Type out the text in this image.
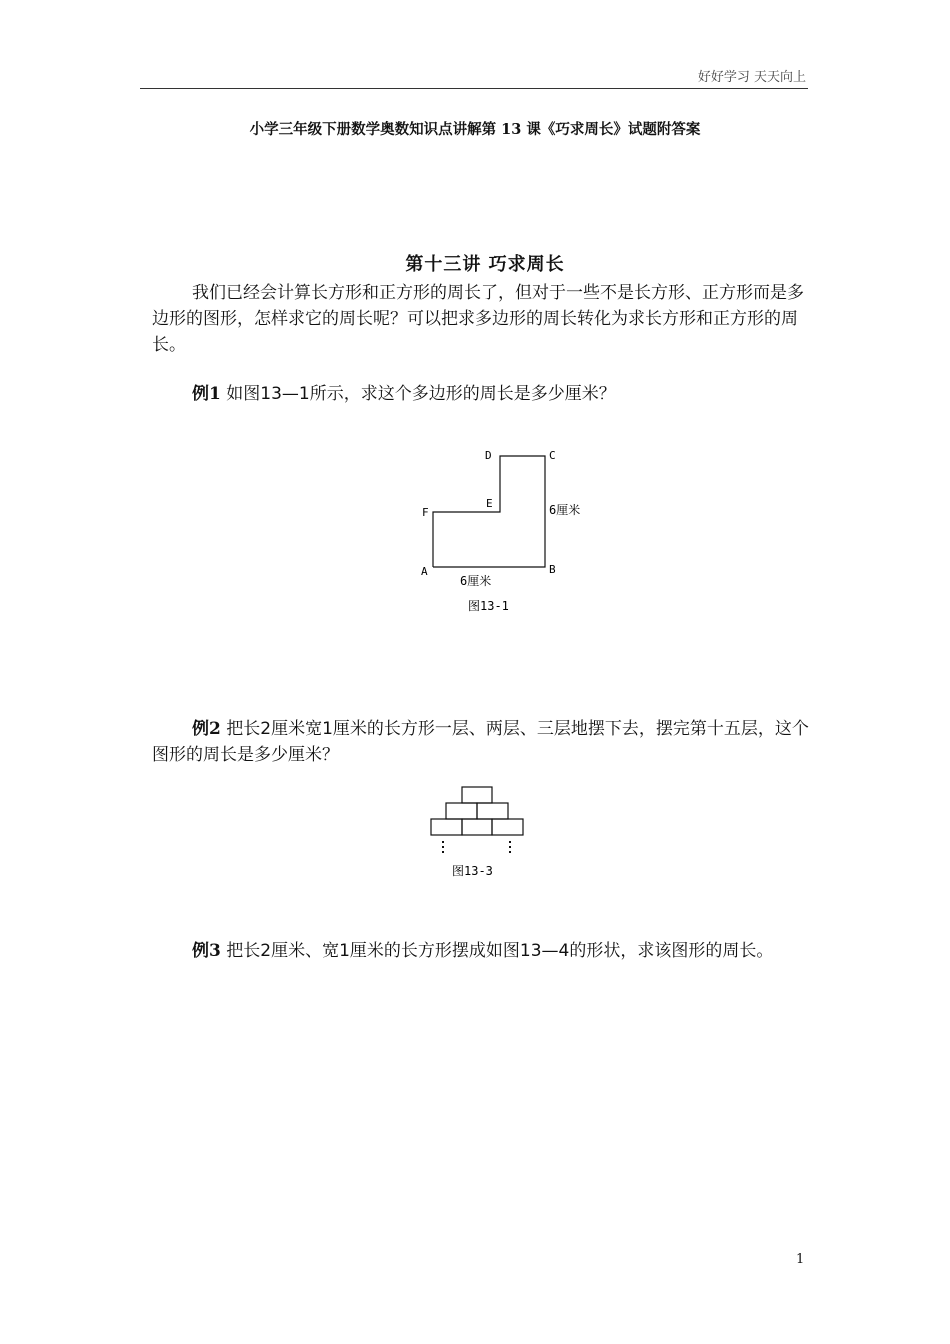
好好学习 天天向上
小学三年级下册数学奥数知识点讲解第 13 课《巧求周长》试题附答案
第十三讲 巧求周长

我们已经会计算长方形和正方形的周长了，但对于一些不是长方形、正方形而是多边形的图形，怎样求它的周长呢？可以把求多边形的周长转化为求长方形和正方形的周长。

例1 如图13—1所示，求这个多边形的周长是多少厘米？

D	C
E
F
A	B
6厘米
6厘米
图13-1

例2 把长2厘米宽1厘米的长方形一层、两层、三层地摆下去，摆完第十五层，这个图形的周长是多少厘米？

图13-3

例3 把长2厘米、宽1厘米的长方形摆成如图13—4的形状，求该图形的周长。

1
